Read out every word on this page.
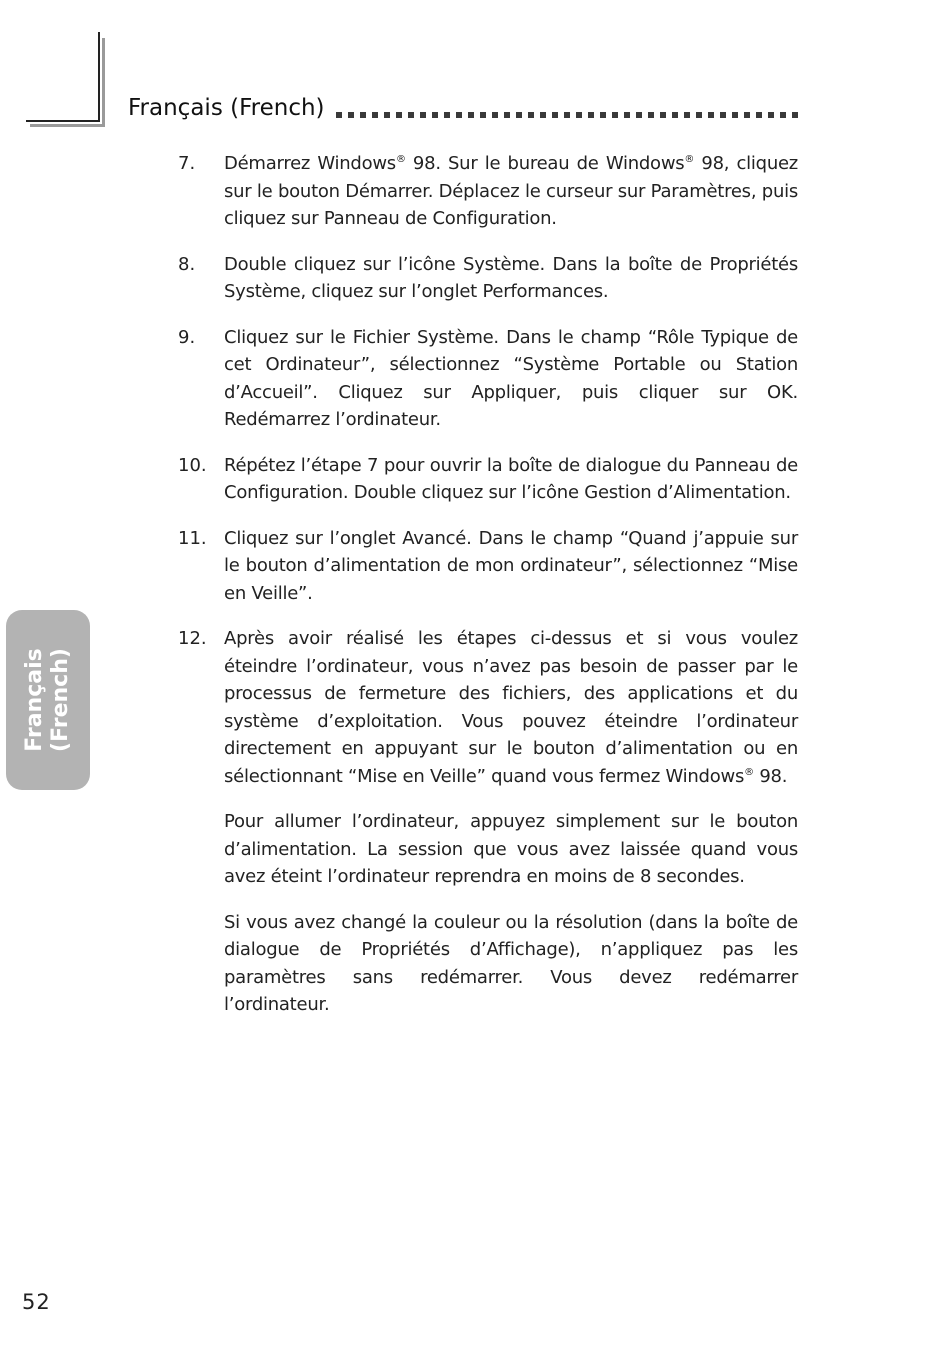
Français (French)
7. Démarrez Windows® 98. Sur le bureau de Windows® 98, cliquez sur le bouton Démarrer. Déplacez le curseur sur Paramètres, puis cliquez sur Panneau de Configuration.
8. Double cliquez sur l’icône Système. Dans la boîte de Propriétés Système, cliquez sur l’onglet Performances.
9. Cliquez sur le Fichier Système. Dans le champ “Rôle Typique de cet Ordinateur”, sélectionnez “Système Portable ou Station d’Accueil”. Cliquez sur Appliquer, puis cliquer sur OK. Redémarrez l’ordinateur.
10. Répétez l’étape 7 pour ouvrir la boîte de dialogue du Panneau de Configuration. Double cliquez sur l’icône Gestion d’Alimentation.
11. Cliquez sur l’onglet Avancé. Dans le champ “Quand j’appuie sur le bouton d’alimentation de mon ordinateur”, sélectionnez “Mise en Veille”.
12. Après avoir réalisé les étapes ci-dessus et si vous voulez éteindre l’ordinateur, vous n’avez pas besoin de passer par le processus de fermeture des fichiers, des applications et du système d’exploitation. Vous pouvez éteindre l’ordinateur directement en appuyant sur le bouton d’alimentation ou en sélectionnant “Mise en Veille” quand vous fermez Windows® 98.
Pour allumer l’ordinateur, appuyez simplement sur le bouton d’alimentation. La session que vous avez laissée quand vous avez éteint l’ordinateur reprendra en moins de 8 secondes.
Si vous avez changé la couleur ou la résolution (dans la boîte de dialogue de Propriétés d’Affichage), n’appliquez pas les paramètres sans redémarrer. Vous devez redémarrer l’ordinateur.
Français (French)
52
